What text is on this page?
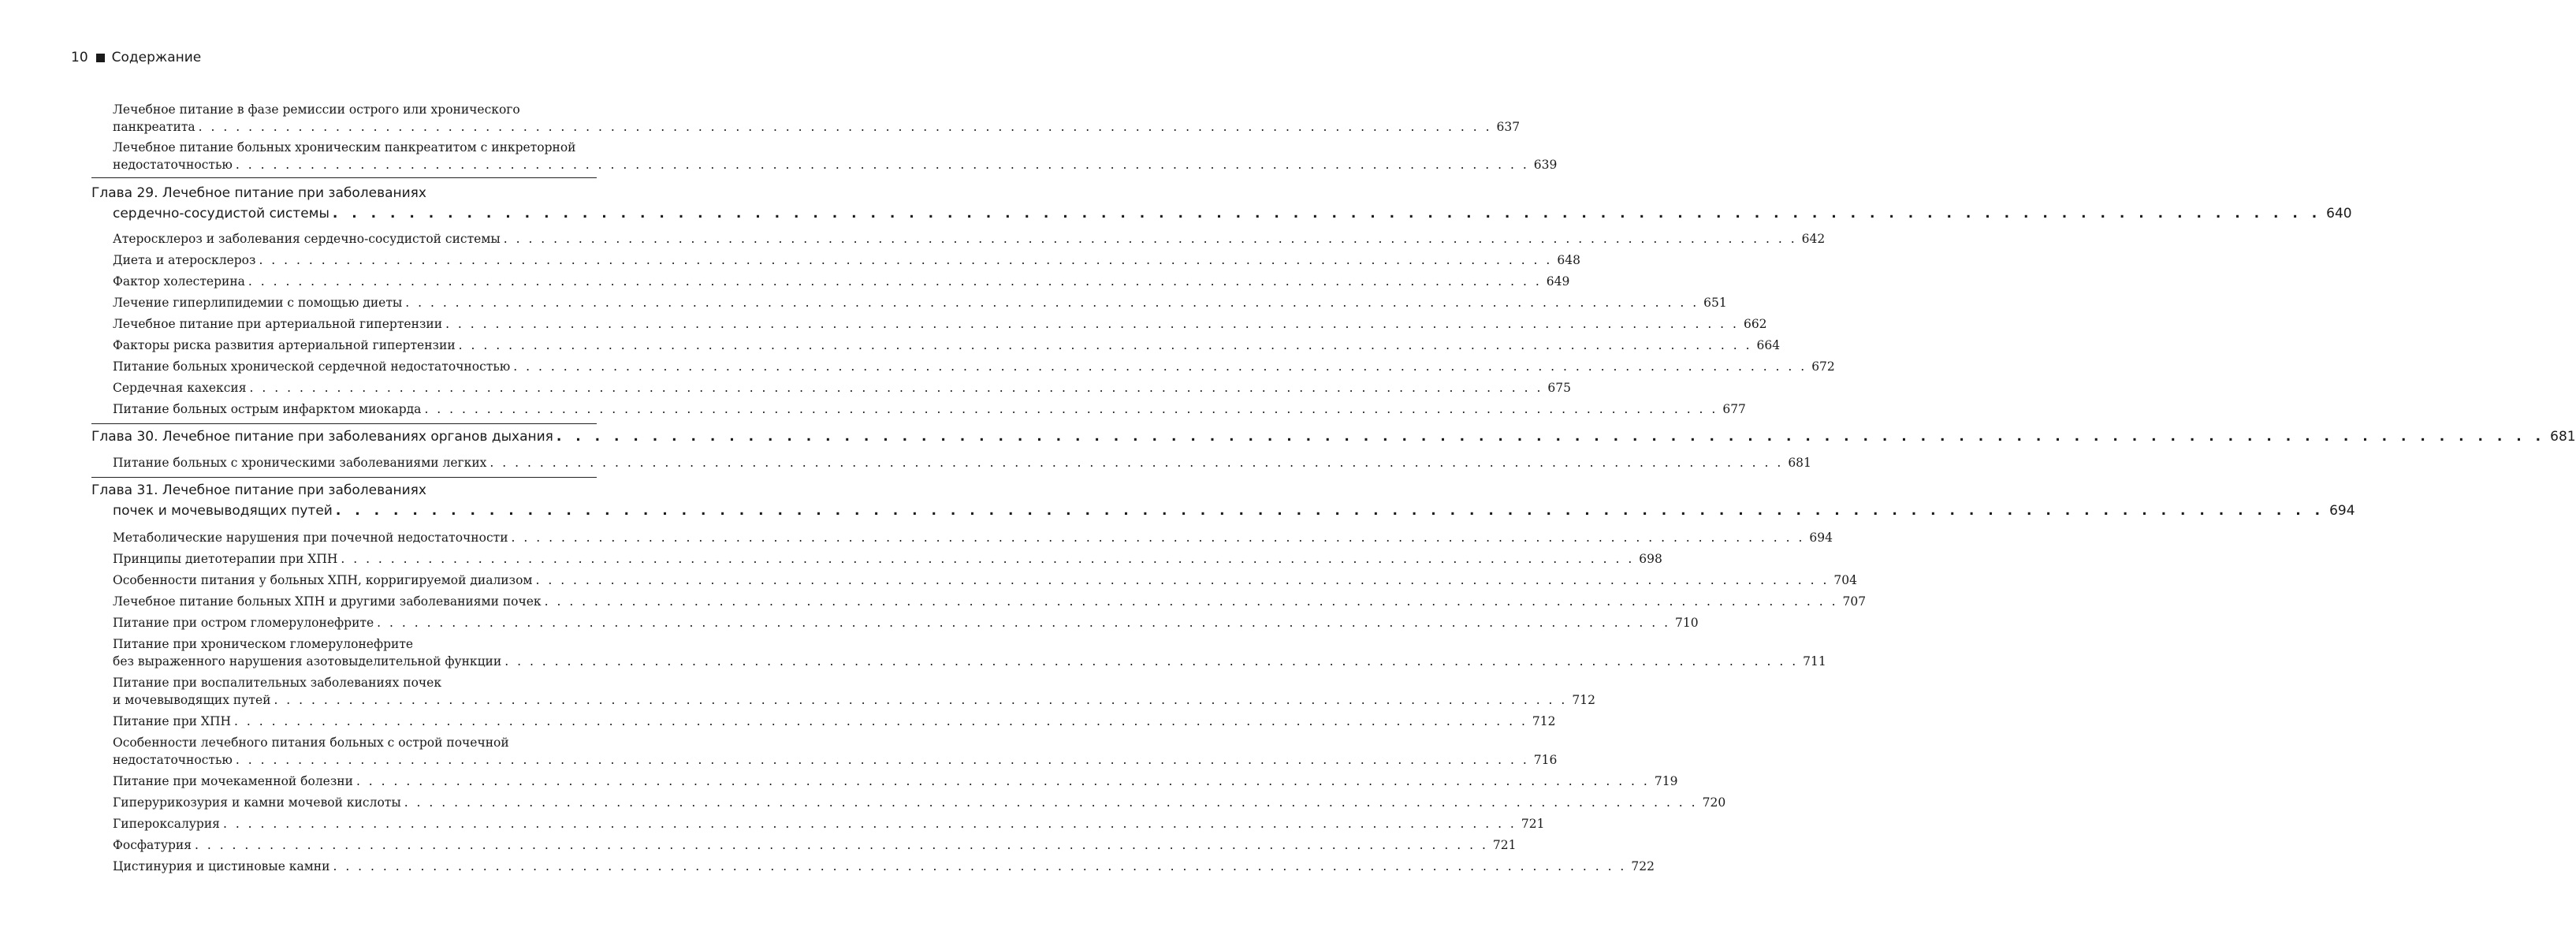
10 Содержание
Лечебное питание в фазе ремиссии острого или хронического
панкреатита . . . . . . . . . . . . . . . . . . . . . . . . . . . . . . . . . . . . . . . . . . . . . . . . . . . . . . . . . . . . . . . . . . . . . . . . . . . . . . . . . . . . . . . . . . . . . . . . . . . . . . . . 637
Лечебное питание больных хроническим панкреатитом с инкреторной
недостаточностью . . . . . . . . . . . . . . . . . . . . . . . . . . . . . . . . . . . . . . . . . . . . . . . . . . . . . . . . . . . . . . . . . . . . . . . . . . . . . . . . . . . . . . . . . . . . . . . . . . . . . . . . 639
Глава 29. Лечебное питание при заболеваниях
сердечно-сосудистой системы . . . . . . . . . . . . . . . . . . . . . . . . . . . . . . . . . . . . . . . . . . . . . . . . . . . . . . . . . . . . . . . . . . . . . . . . . . . . . . . . . . . . . . . . . . . . . . . . . . . . . . . . 640
Атеросклероз и заболевания сердечно-сосудистой системы . . . . . . . . . . . . . . . . . . . . . . . . . . . . . . . . . . . . . . . . . . . . . . . . . . . . . . . . . . . . . . . . . . . . . . . . . . . . . . . . . . . . . . . . . . . . . . . . . . . . . . . . 642
Диета и атеросклероз . . . . . . . . . . . . . . . . . . . . . . . . . . . . . . . . . . . . . . . . . . . . . . . . . . . . . . . . . . . . . . . . . . . . . . . . . . . . . . . . . . . . . . . . . . . . . . . . . . . . . . . . 648
Фактор холестерина . . . . . . . . . . . . . . . . . . . . . . . . . . . . . . . . . . . . . . . . . . . . . . . . . . . . . . . . . . . . . . . . . . . . . . . . . . . . . . . . . . . . . . . . . . . . . . . . . . . . . . . . 649
Лечение гиперлипидемии с помощью диеты . . . . . . . . . . . . . . . . . . . . . . . . . . . . . . . . . . . . . . . . . . . . . . . . . . . . . . . . . . . . . . . . . . . . . . . . . . . . . . . . . . . . . . . . . . . . . . . . . . . . . . . . 651
Лечебное питание при артериальной гипертензии . . . . . . . . . . . . . . . . . . . . . . . . . . . . . . . . . . . . . . . . . . . . . . . . . . . . . . . . . . . . . . . . . . . . . . . . . . . . . . . . . . . . . . . . . . . . . . . . . . . . . . . . 662
Факторы риска развития артериальной гипертензии . . . . . . . . . . . . . . . . . . . . . . . . . . . . . . . . . . . . . . . . . . . . . . . . . . . . . . . . . . . . . . . . . . . . . . . . . . . . . . . . . . . . . . . . . . . . . . . . . . . . . . . . 664
Питание больных хронической сердечной недостаточностью . . . . . . . . . . . . . . . . . . . . . . . . . . . . . . . . . . . . . . . . . . . . . . . . . . . . . . . . . . . . . . . . . . . . . . . . . . . . . . . . . . . . . . . . . . . . . . . . . . . . . . . . 672
Сердечная кахексия . . . . . . . . . . . . . . . . . . . . . . . . . . . . . . . . . . . . . . . . . . . . . . . . . . . . . . . . . . . . . . . . . . . . . . . . . . . . . . . . . . . . . . . . . . . . . . . . . . . . . . . . 675
Питание больных острым инфарктом миокарда . . . . . . . . . . . . . . . . . . . . . . . . . . . . . . . . . . . . . . . . . . . . . . . . . . . . . . . . . . . . . . . . . . . . . . . . . . . . . . . . . . . . . . . . . . . . . . . . . . . . . . . . 677
Глава 30. Лечебное питание при заболеваниях органов дыхания . . . . . . . . . . . . . . . . . . . . . . . . . . . . . . . . . . . . . . . . . . . . . . . . . . . . . . . . . . . . . . . . . . . . . . . . . . . . . . . . . . . . . . . . . . . . . . . . . . . . . . . . 681
Питание больных с хроническими заболеваниями легких . . . . . . . . . . . . . . . . . . . . . . . . . . . . . . . . . . . . . . . . . . . . . . . . . . . . . . . . . . . . . . . . . . . . . . . . . . . . . . . . . . . . . . . . . . . . . . . . . . . . . . . . 681
Глава 31. Лечебное питание при заболеваниях
почек и мочевыводящих путей . . . . . . . . . . . . . . . . . . . . . . . . . . . . . . . . . . . . . . . . . . . . . . . . . . . . . . . . . . . . . . . . . . . . . . . . . . . . . . . . . . . . . . . . . . . . . . . . . . . . . . . . 694
Метаболические нарушения при почечной недостаточности . . . . . . . . . . . . . . . . . . . . . . . . . . . . . . . . . . . . . . . . . . . . . . . . . . . . . . . . . . . . . . . . . . . . . . . . . . . . . . . . . . . . . . . . . . . . . . . . . . . . . . . . 694
Принципы диетотерапии при ХПН . . . . . . . . . . . . . . . . . . . . . . . . . . . . . . . . . . . . . . . . . . . . . . . . . . . . . . . . . . . . . . . . . . . . . . . . . . . . . . . . . . . . . . . . . . . . . . . . . . . . . . . . 698
Особенности питания у больных ХПН, корригируемой диализом . . . . . . . . . . . . . . . . . . . . . . . . . . . . . . . . . . . . . . . . . . . . . . . . . . . . . . . . . . . . . . . . . . . . . . . . . . . . . . . . . . . . . . . . . . . . . . . . . . . . . . . . 704
Лечебное питание больных ХПН и другими заболеваниями почек . . . . . . . . . . . . . . . . . . . . . . . . . . . . . . . . . . . . . . . . . . . . . . . . . . . . . . . . . . . . . . . . . . . . . . . . . . . . . . . . . . . . . . . . . . . . . . . . . . . . . . . . 707
Питание при остром гломерулонефрите . . . . . . . . . . . . . . . . . . . . . . . . . . . . . . . . . . . . . . . . . . . . . . . . . . . . . . . . . . . . . . . . . . . . . . . . . . . . . . . . . . . . . . . . . . . . . . . . . . . . . . . . 710
Питание при хроническом гломерулонефрите
без выраженного нарушения азотовыделительной функции . . . . . . . . . . . . . . . . . . . . . . . . . . . . . . . . . . . . . . . . . . . . . . . . . . . . . . . . . . . . . . . . . . . . . . . . . . . . . . . . . . . . . . . . . . . . . . . . . . . . . . . . 711
Питание при воспалительных заболеваниях почек
и мочевыводящих путей . . . . . . . . . . . . . . . . . . . . . . . . . . . . . . . . . . . . . . . . . . . . . . . . . . . . . . . . . . . . . . . . . . . . . . . . . . . . . . . . . . . . . . . . . . . . . . . . . . . . . . . . 712
Питание при ХПН . . . . . . . . . . . . . . . . . . . . . . . . . . . . . . . . . . . . . . . . . . . . . . . . . . . . . . . . . . . . . . . . . . . . . . . . . . . . . . . . . . . . . . . . . . . . . . . . . . . . . . . . 712
Особенности лечебного питания больных с острой почечной
недостаточностью . . . . . . . . . . . . . . . . . . . . . . . . . . . . . . . . . . . . . . . . . . . . . . . . . . . . . . . . . . . . . . . . . . . . . . . . . . . . . . . . . . . . . . . . . . . . . . . . . . . . . . . . 716
Питание при мочекаменной болезни . . . . . . . . . . . . . . . . . . . . . . . . . . . . . . . . . . . . . . . . . . . . . . . . . . . . . . . . . . . . . . . . . . . . . . . . . . . . . . . . . . . . . . . . . . . . . . . . . . . . . . . . 719
Гиперурикозурия и камни мочевой кислоты . . . . . . . . . . . . . . . . . . . . . . . . . . . . . . . . . . . . . . . . . . . . . . . . . . . . . . . . . . . . . . . . . . . . . . . . . . . . . . . . . . . . . . . . . . . . . . . . . . . . . . . . 720
Гипероксалурия . . . . . . . . . . . . . . . . . . . . . . . . . . . . . . . . . . . . . . . . . . . . . . . . . . . . . . . . . . . . . . . . . . . . . . . . . . . . . . . . . . . . . . . . . . . . . . . . . . . . . . . . 721
Фосфатурия . . . . . . . . . . . . . . . . . . . . . . . . . . . . . . . . . . . . . . . . . . . . . . . . . . . . . . . . . . . . . . . . . . . . . . . . . . . . . . . . . . . . . . . . . . . . . . . . . . . . . . . . 721
Цистинурия и цистиновые камни . . . . . . . . . . . . . . . . . . . . . . . . . . . . . . . . . . . . . . . . . . . . . . . . . . . . . . . . . . . . . . . . . . . . . . . . . . . . . . . . . . . . . . . . . . . . . . . . . . . . . . . . 722
